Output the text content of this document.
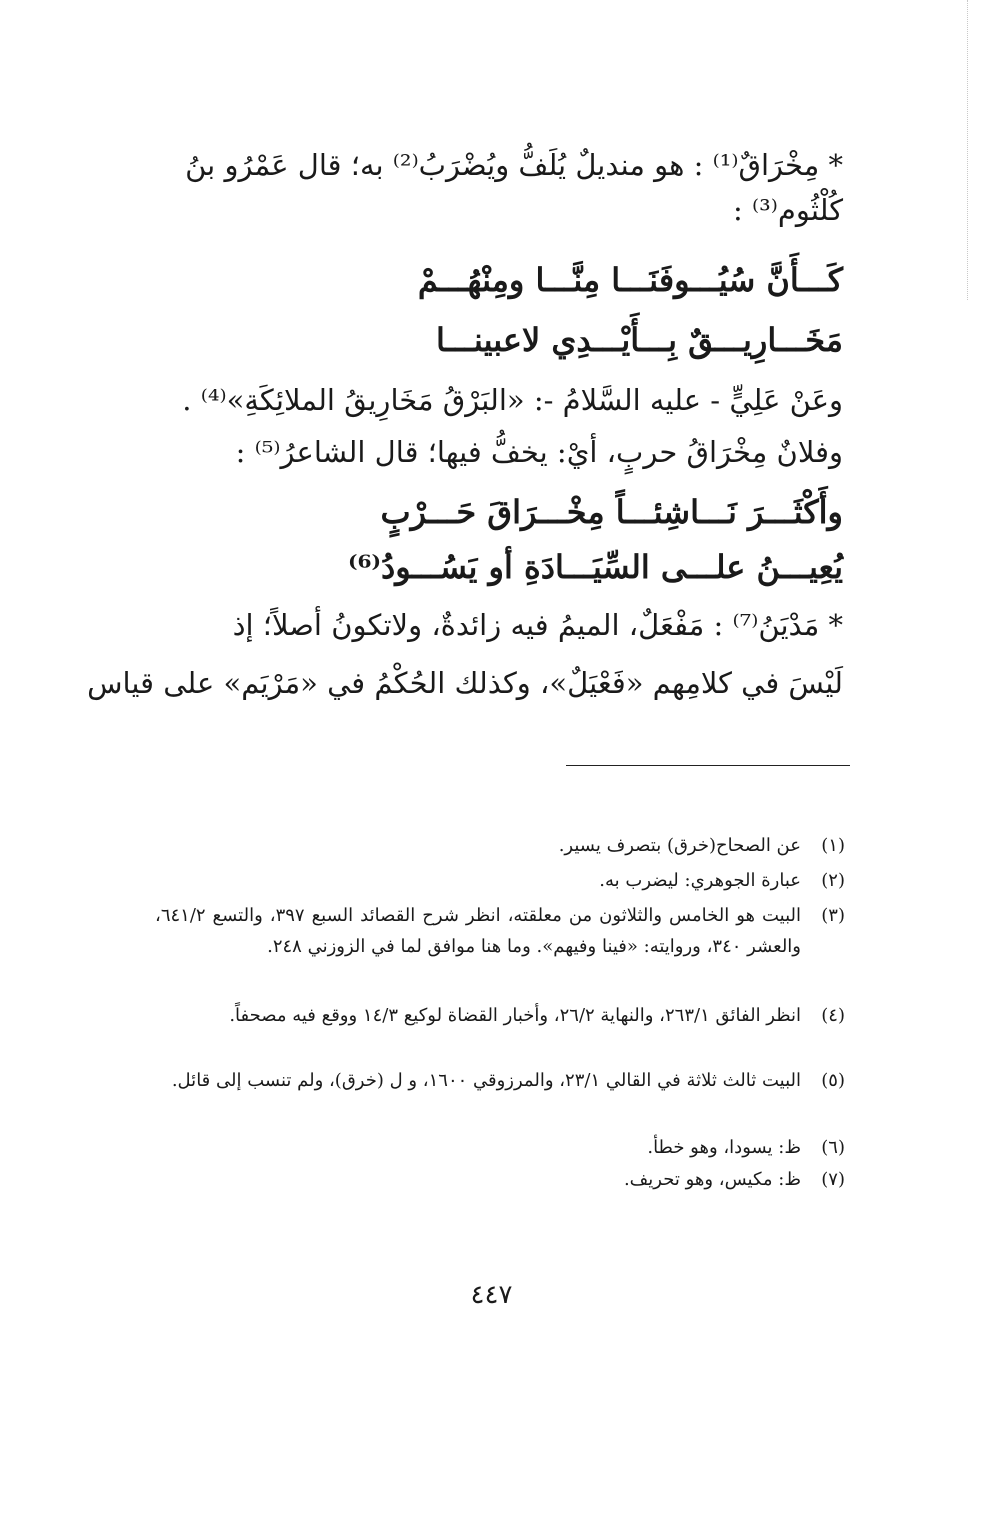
* مِخْرَاقٌ⁽¹⁾ : هو منديلٌ يُلَفُّ ويُضْرَبُ⁽²⁾ به؛ قال عَمْرُو بنُ
كُلْثُوم⁽³⁾ :
كَـــأَنَّ سُيُـــوفَنَـــا مِنَّـــا ومِنْهُـــمْ
مَخَـــارِيـــقٌ بِـــأَيْـــدِي لاعبينـــا
وعَنْ عَلِيٍّ - عليه السَّلامُ -: «البَرْقُ مَخَارِيقُ الملائِكَةِ»⁽⁴⁾ .
وفلانٌ مِخْرَاقُ حربٍ، أيْ: يخفُّ فيها؛ قال الشاعرُ⁽⁵⁾ :
وأَكْثَـــرَ نَـــاشِئـــاً مِخْـــرَاقَ حَـــرْبٍ
يُعِيـــنُ علـــى السِّيَـــادَةِ أو يَسُـــودُ⁽⁶⁾
* مَدْيَنُ⁽⁷⁾ : مَفْعَلٌ، الميمُ فيه زائدةٌ، ولاتكونُ أصلاً؛ إذ
لَيْسَ في كلامِهم «فَعْيَلٌ»، وكذلك الحُكْمُ في «مَرْيَم» على قياس
(١)
عن الصحاح(خرق) بتصرف يسير.
(٢)
عبارة الجوهري: ليضرب به.
(٣)
البيت هو الخامس والثلاثون من معلقته، انظر شرح القصائد السبع ٣٩٧، والتسع ٦٤١/٢، والعشر ٣٤٠، وروايته: «فينا وفيهم». وما هنا موافق لما في الزوزني ٢٤٨.
(٤)
انظر الفائق ٢٦٣/١، والنهاية ٢٦/٢، وأخبار القضاة لوكيع ١٤/٣ ووقع فيه مصحفاً.
(٥)
البيت ثالث ثلاثة في القالي ٢٣/١، والمرزوقي ١٦٠٠، و ل (خرق)، ولم تنسب إلى قائل.
(٦)
ظ: يسودا، وهو خطأ.
(٧)
ظ: مكيس، وهو تحريف.
٤٤٧
